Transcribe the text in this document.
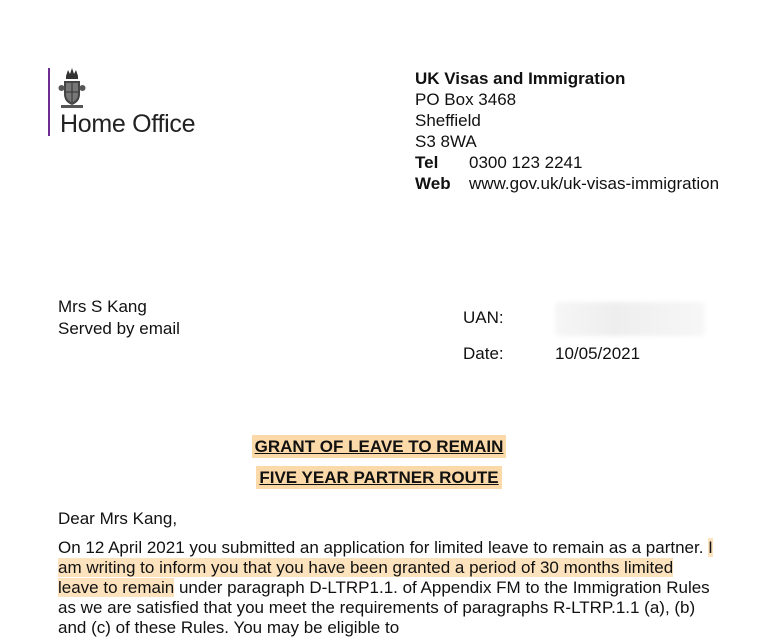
Home Office
UK Visas and Immigration
PO Box 3468
Sheffield
S3 8WA
Tel 0300 123 2241
Web www.gov.uk/uk-visas-immigration
Mrs S Kang
Served by email
UAN:
Date:	10/05/2021
GRANT OF LEAVE TO REMAIN
FIVE YEAR PARTNER ROUTE
Dear Mrs Kang,
On 12 April 2021 you submitted an application for limited leave to remain as a partner. I am writing to inform you that you have been granted a period of 30 months limited leave to remain under paragraph D-LTRP1.1. of Appendix FM to the Immigration Rules as we are satisfied that you meet the requirements of paragraphs R-LTRP.1.1 (a), (b) and (c) of these Rules. You may be eligible to
